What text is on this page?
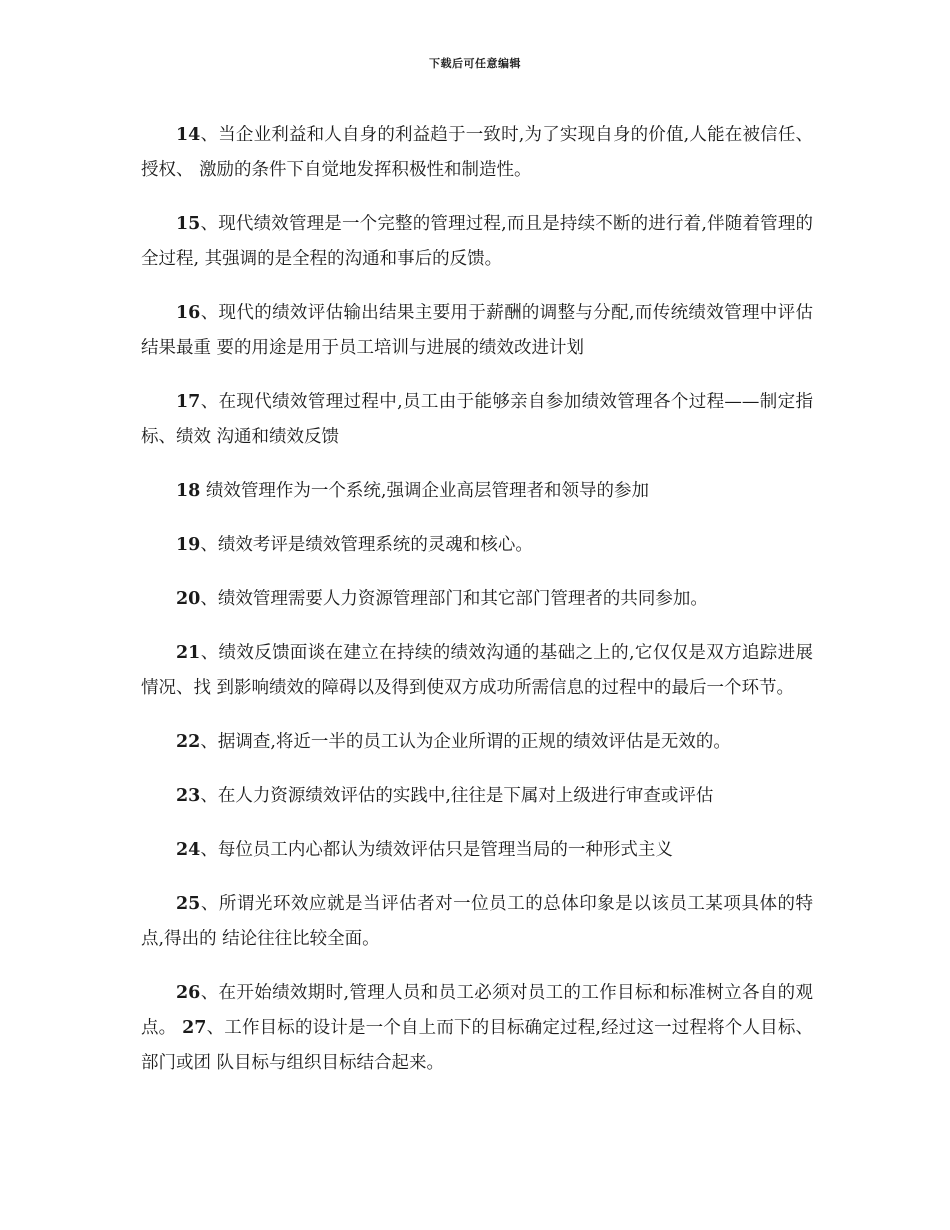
下载后可任意编辑

14、当企业利益和人自身的利益趋于一致时,为了实现自身的价值,人能在被信任、授权、 激励的条件下自觉地发挥积极性和制造性。

15、现代绩效管理是一个完整的管理过程,而且是持续不断的进行着,伴随着管理的全过程, 其强调的是全程的沟通和事后的反馈。

16、现代的绩效评估输出结果主要用于薪酬的调整与分配,而传统绩效管理中评估结果最重 要的用途是用于员工培训与进展的绩效改进计划

17、在现代绩效管理过程中,员工由于能够亲自参加绩效管理各个过程——制定指标、绩效 沟通和绩效反馈

18 绩效管理作为一个系统,强调企业高层管理者和领导的参加

19、绩效考评是绩效管理系统的灵魂和核心。

20、绩效管理需要人力资源管理部门和其它部门管理者的共同参加。

21、绩效反馈面谈在建立在持续的绩效沟通的基础之上的,它仅仅是双方追踪进展情况、找 到影响绩效的障碍以及得到使双方成功所需信息的过程中的最后一个环节。

22、据调查,将近一半的员工认为企业所谓的正规的绩效评估是无效的。

23、在人力资源绩效评估的实践中,往往是下属对上级进行审查或评估

24、每位员工内心都认为绩效评估只是管理当局的一种形式主义

25、所谓光环效应就是当评估者对一位员工的总体印象是以该员工某项具体的特点,得出的 结论往往比较全面。

26、在开始绩效期时,管理人员和员工必须对员工的工作目标和标准树立各自的观点。 27、工作目标的设计是一个自上而下的目标确定过程,经过这一过程将个人目标、部门或团 队目标与组织目标结合起来。
